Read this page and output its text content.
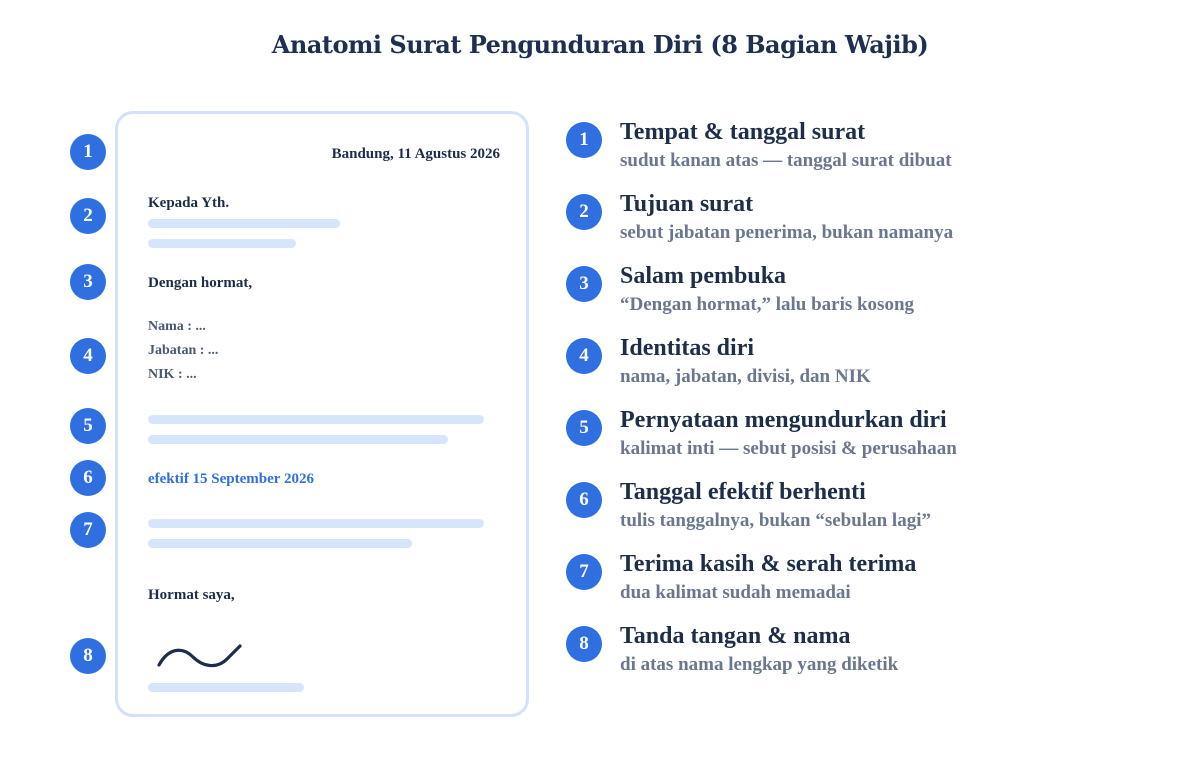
Anatomi Surat Pengunduran Diri (8 Bagian Wajib)
1
2
3
4
5
6
7
8
Bandung, 11 Agustus 2026
Kepada Yth.
Dengan hormat,
Nama : ...
Jabatan : ...
NIK : ...
efektif 15 September 2026
Hormat saya,
1	Tempat & tanggal surat
sudut kanan atas — tanggal surat dibuat
2	Tujuan surat
sebut jabatan penerima, bukan namanya
3	Salam pembuka
“Dengan hormat,” lalu baris kosong
4	Identitas diri
nama, jabatan, divisi, dan NIK
5	Pernyataan mengundurkan diri
kalimat inti — sebut posisi & perusahaan
6	Tanggal efektif berhenti
tulis tanggalnya, bukan “sebulan lagi”
7	Terima kasih & serah terima
dua kalimat sudah memadai
8	Tanda tangan & nama
di atas nama lengkap yang diketik
